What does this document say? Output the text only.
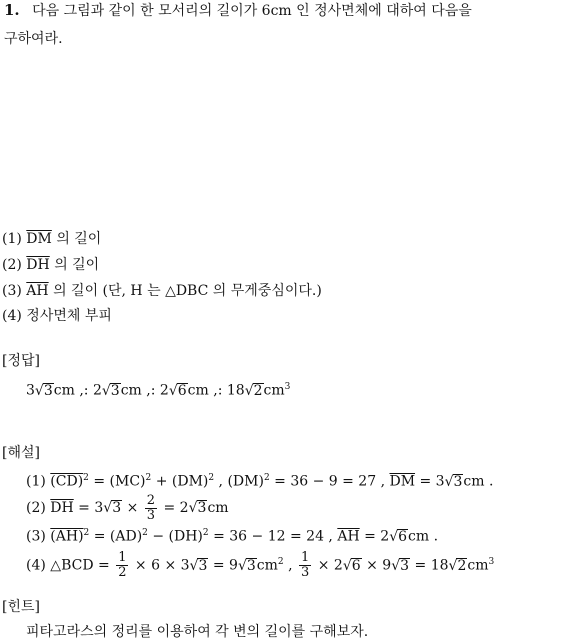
1. 다음 그림과 같이 한 모서리의 길이가 6cm 인 정사면체에 대하여 다음을
구하여라.
(1) $\overline{DM}$ 의 길이
(2) $\overline{DH}$ 의 길이
(3) $\overline{AH}$ 의 길이 (단, H 는 △DBC 의 무게중심이다.)
(4) 정사면체 부피
[정답]
3√3cm ,: 2√3cm ,: 2√6cm ,: $18√2cm^3$
[해설]
(1) (CD)$^2$ = (MC)$^2$ + (DM)$^2$ , (DM)$^2$ = 36 − 9 = 27 , $\overline{DM} = 3√3cm$ .
(2) $\overline{DH} = 3√3 \times \frac{2}{3} = 2√3cm$
(3) (AH)$^2$ = (AD)$^2$ − (DH)$^2$ = 36 − 12 = 24 , $\overline{AH} = 2√6cm$ .
(4) △BCD = $\frac{1}{2} \times 6 \times 3√3 = 9√3cm^2$ , $\frac{1}{3} \times 2√6 \times 9√3 = 18√2cm^3$
[힌트]
피타고라스의 정리를 이용하여 각 변의 길이를 구해보자.
